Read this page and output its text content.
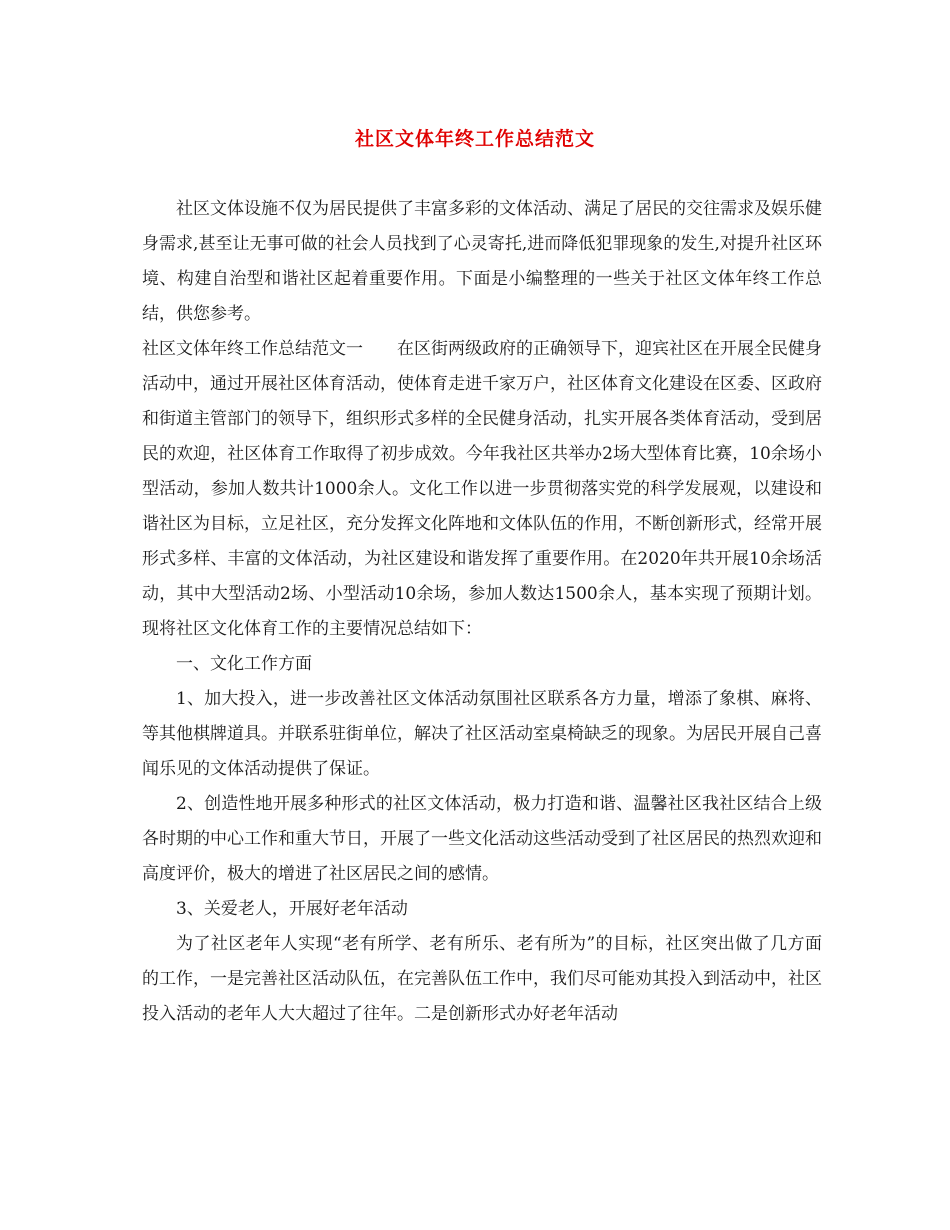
社区文体年终工作总结范文

社区文体设施不仅为居民提供了丰富多彩的文体活动、满足了居民的交往需求及娱乐健身需求,甚至让无事可做的社会人员找到了心灵寄托,进而降低犯罪现象的发生,对提升社区环境、构建自治型和谐社区起着重要作用。下面是小编整理的一些关于社区文体年终工作总结，供您参考。

社区文体年终工作总结范文一 在区街两级政府的正确领导下，迎宾社区在开展全民健身活动中，通过开展社区体育活动，使体育走进千家万户，社区体育文化建设在区委、区政府和街道主管部门的领导下，组织形式多样的全民健身活动，扎实开展各类体育活动，受到居民的欢迎，社区体育工作取得了初步成效。今年我社区共举办2场大型体育比赛，10余场小型活动，参加人数共计1000余人。文化工作以进一步贯彻落实党的科学发展观，以建设和谐社区为目标，立足社区，充分发挥文化阵地和文体队伍的作用，不断创新形式，经常开展形式多样、丰富的文体活动，为社区建设和谐发挥了重要作用。在2020年共开展10余场活动，其中大型活动2场、小型活动10余场，参加人数达1500余人，基本实现了预期计划。现将社区文化体育工作的主要情况总结如下：

一、文化工作方面

1、加大投入，进一步改善社区文体活动氛围社区联系各方力量，增添了象棋、麻将、等其他棋牌道具。并联系驻街单位，解决了社区活动室桌椅缺乏的现象。为居民开展自己喜闻乐见的文体活动提供了保证。

2、创造性地开展多种形式的社区文体活动，极力打造和谐、温馨社区我社区结合上级各时期的中心工作和重大节日，开展了一些文化活动这些活动受到了社区居民的热烈欢迎和高度评价，极大的增进了社区居民之间的感情。

3、关爱老人，开展好老年活动

为了社区老年人实现“老有所学、老有所乐、老有所为”的目标，社区突出做了几方面的工作，一是完善社区活动队伍，在完善队伍工作中，我们尽可能劝其投入到活动中，社区投入活动的老年人大大超过了往年。二是创新形式办好老年活动
